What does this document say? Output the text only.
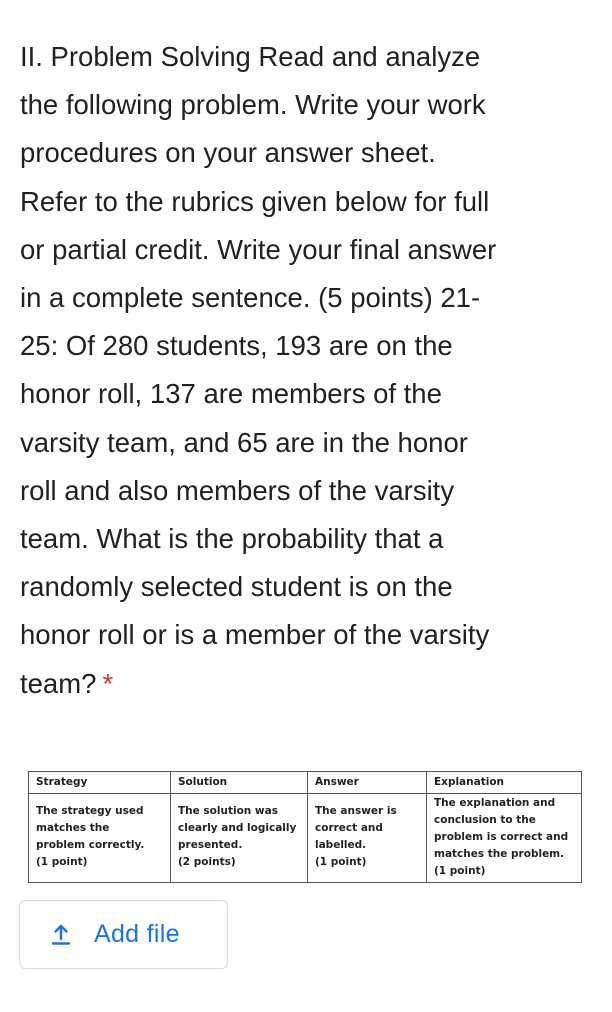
II. Problem Solving Read and analyze
the following problem. Write your work
procedures on your answer sheet.
Refer to the rubrics given below for full
or partial credit. Write your final answer
in a complete sentence. (5 points) 21-
25: Of 280 students, 193 are on the
honor roll, 137 are members of the
varsity team, and 65 are in the honor
roll and also members of the varsity
team. What is the probability that a
randomly selected student is on the
honor roll or is a member of the varsity
team? *
Strategy	Solution	Answer	Explanation

The strategy used
matches the
problem correctly.
(1 point)	The solution was
clearly and logically
presented.
(2 points)	The answer is
correct and
labelled.
(1 point)	The explanation and
conclusion to the
problem is correct and
matches the problem.
(1 point)
Add file
